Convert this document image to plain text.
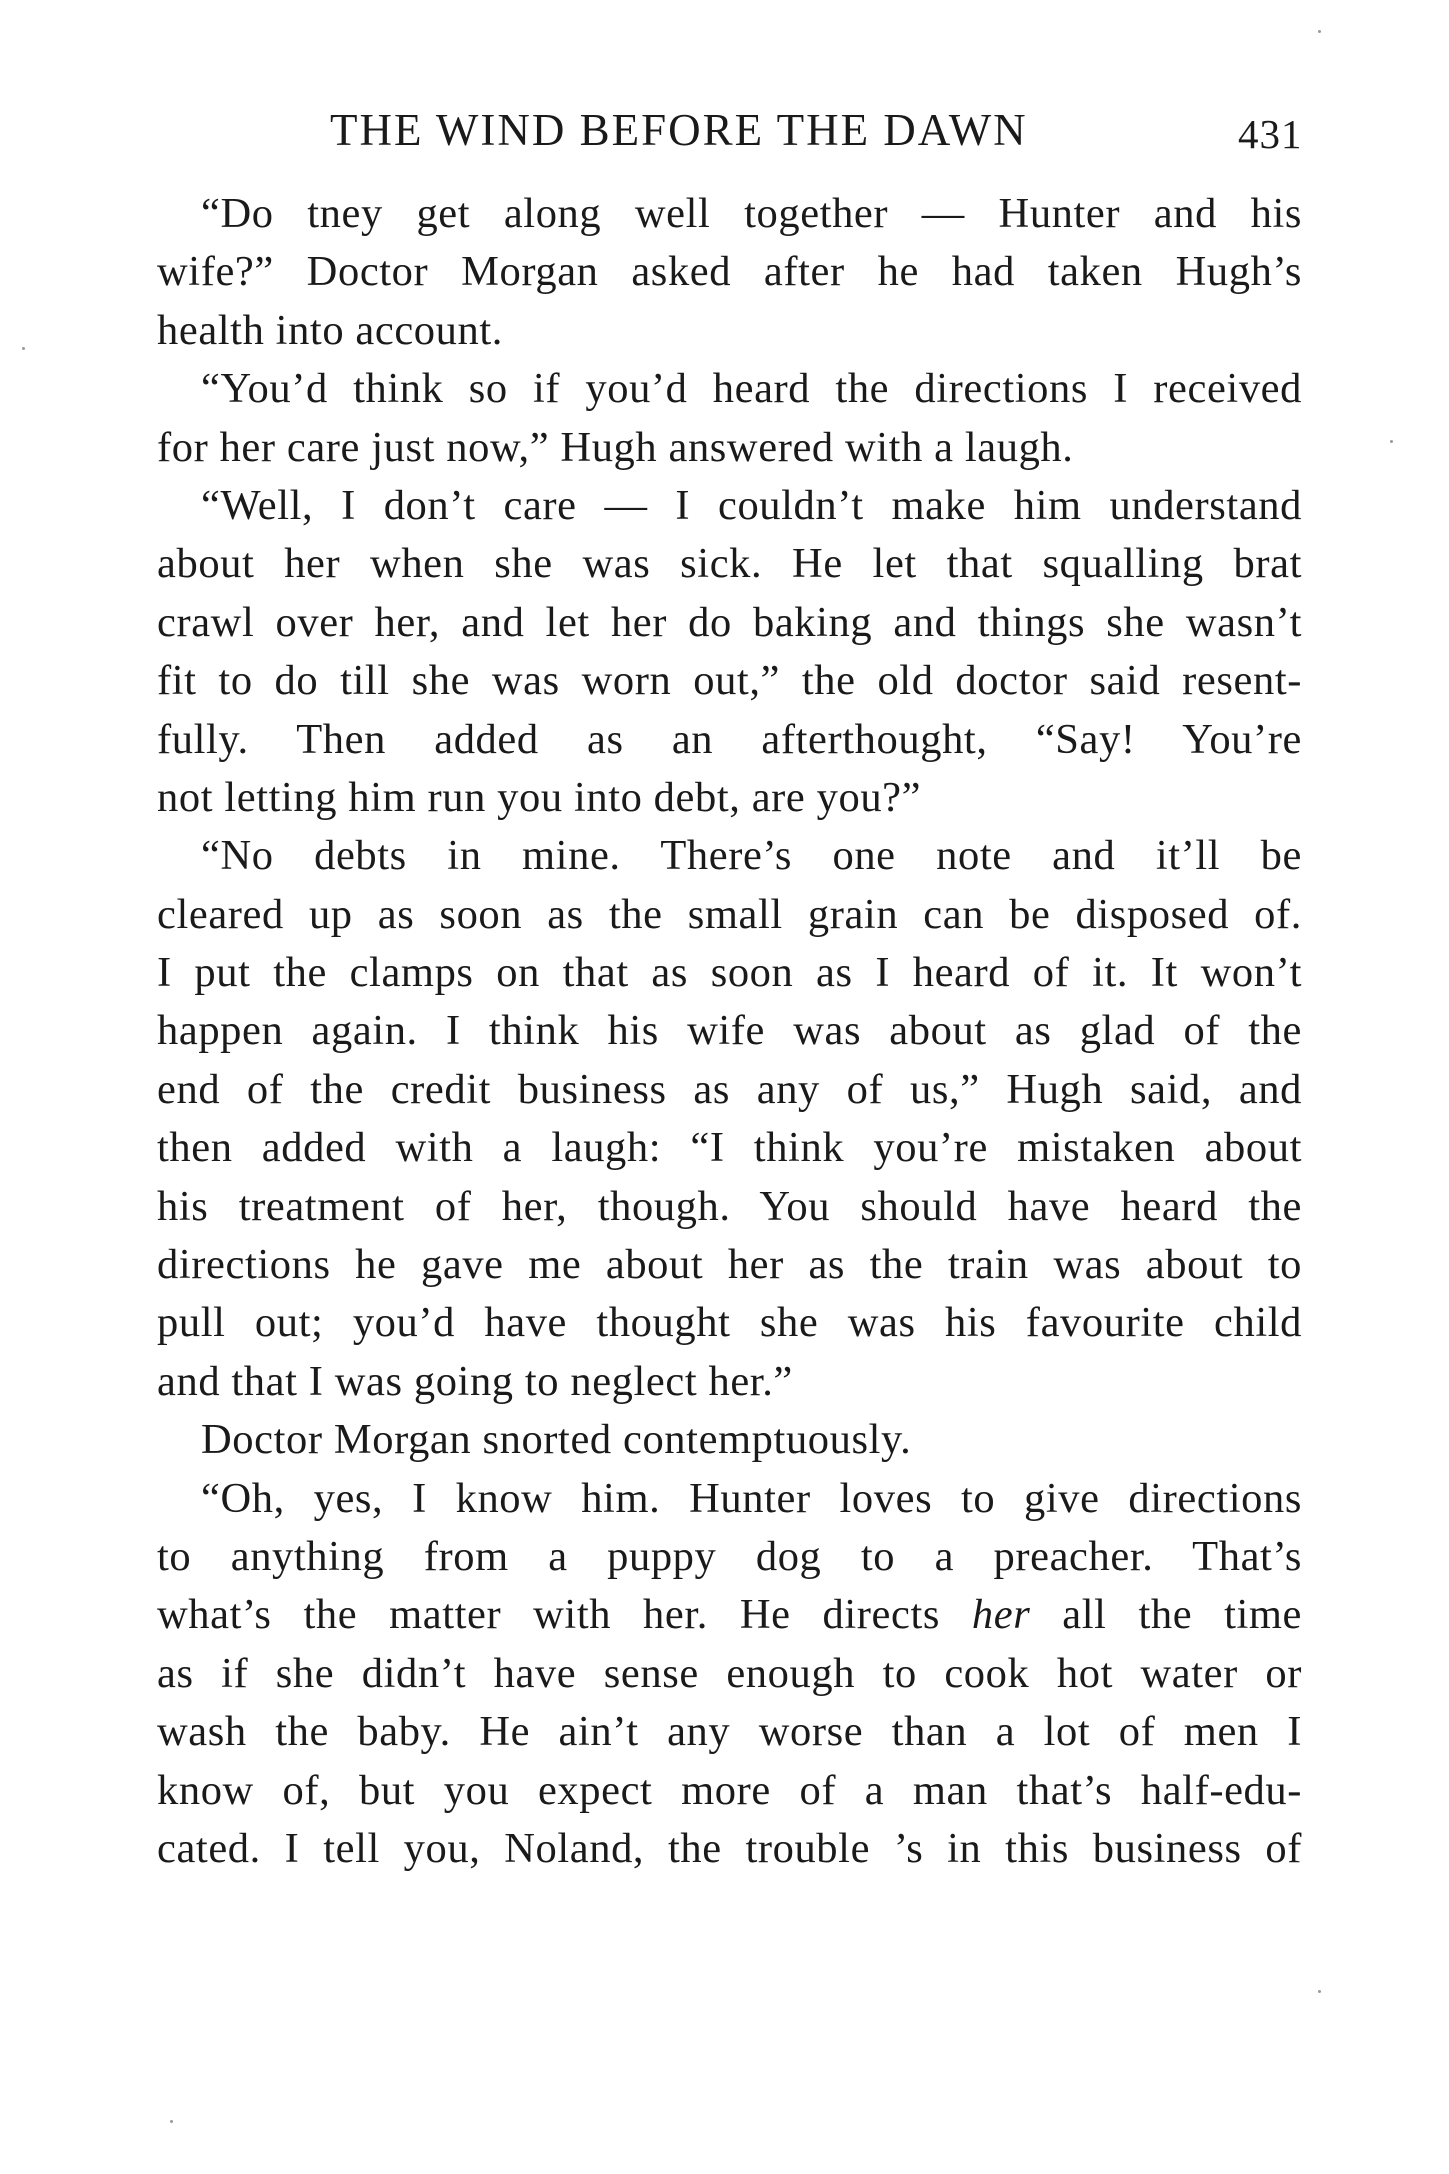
THE WIND BEFORE THE DAWN	431
“Do tney get along well together — Hunter and his
wife?” Doctor Morgan asked after he had taken Hugh’s
health into account.
“You’d think so if you’d heard the directions I received
for her care just now,” Hugh answered with a laugh.
“Well, I don’t care — I couldn’t make him understand
about her when she was sick. He let that squalling brat
crawl over her, and let her do baking and things she wasn’t
fit to do till she was worn out,” the old doctor said resent-
fully. Then added as an afterthought, “Say! You’re
not letting him run you into debt, are you?”
“No debts in mine. There’s one note and it’ll be
cleared up as soon as the small grain can be disposed of.
I put the clamps on that as soon as I heard of it. It won’t
happen again. I think his wife was about as glad of the
end of the credit business as any of us,” Hugh said, and
then added with a laugh: “I think you’re mistaken about
his treatment of her, though. You should have heard the
directions he gave me about her as the train was about to
pull out; you’d have thought she was his favourite child
and that I was going to neglect her.”
Doctor Morgan snorted contemptuously.
“Oh, yes, I know him. Hunter loves to give directions
to anything from a puppy dog to a preacher. That’s
what’s the matter with her. He directs her all the time
as if she didn’t have sense enough to cook hot water or
wash the baby. He ain’t any worse than a lot of men I
know of, but you expect more of a man that’s half-edu-
cated. I tell you, Noland, the trouble ’s in this business of
